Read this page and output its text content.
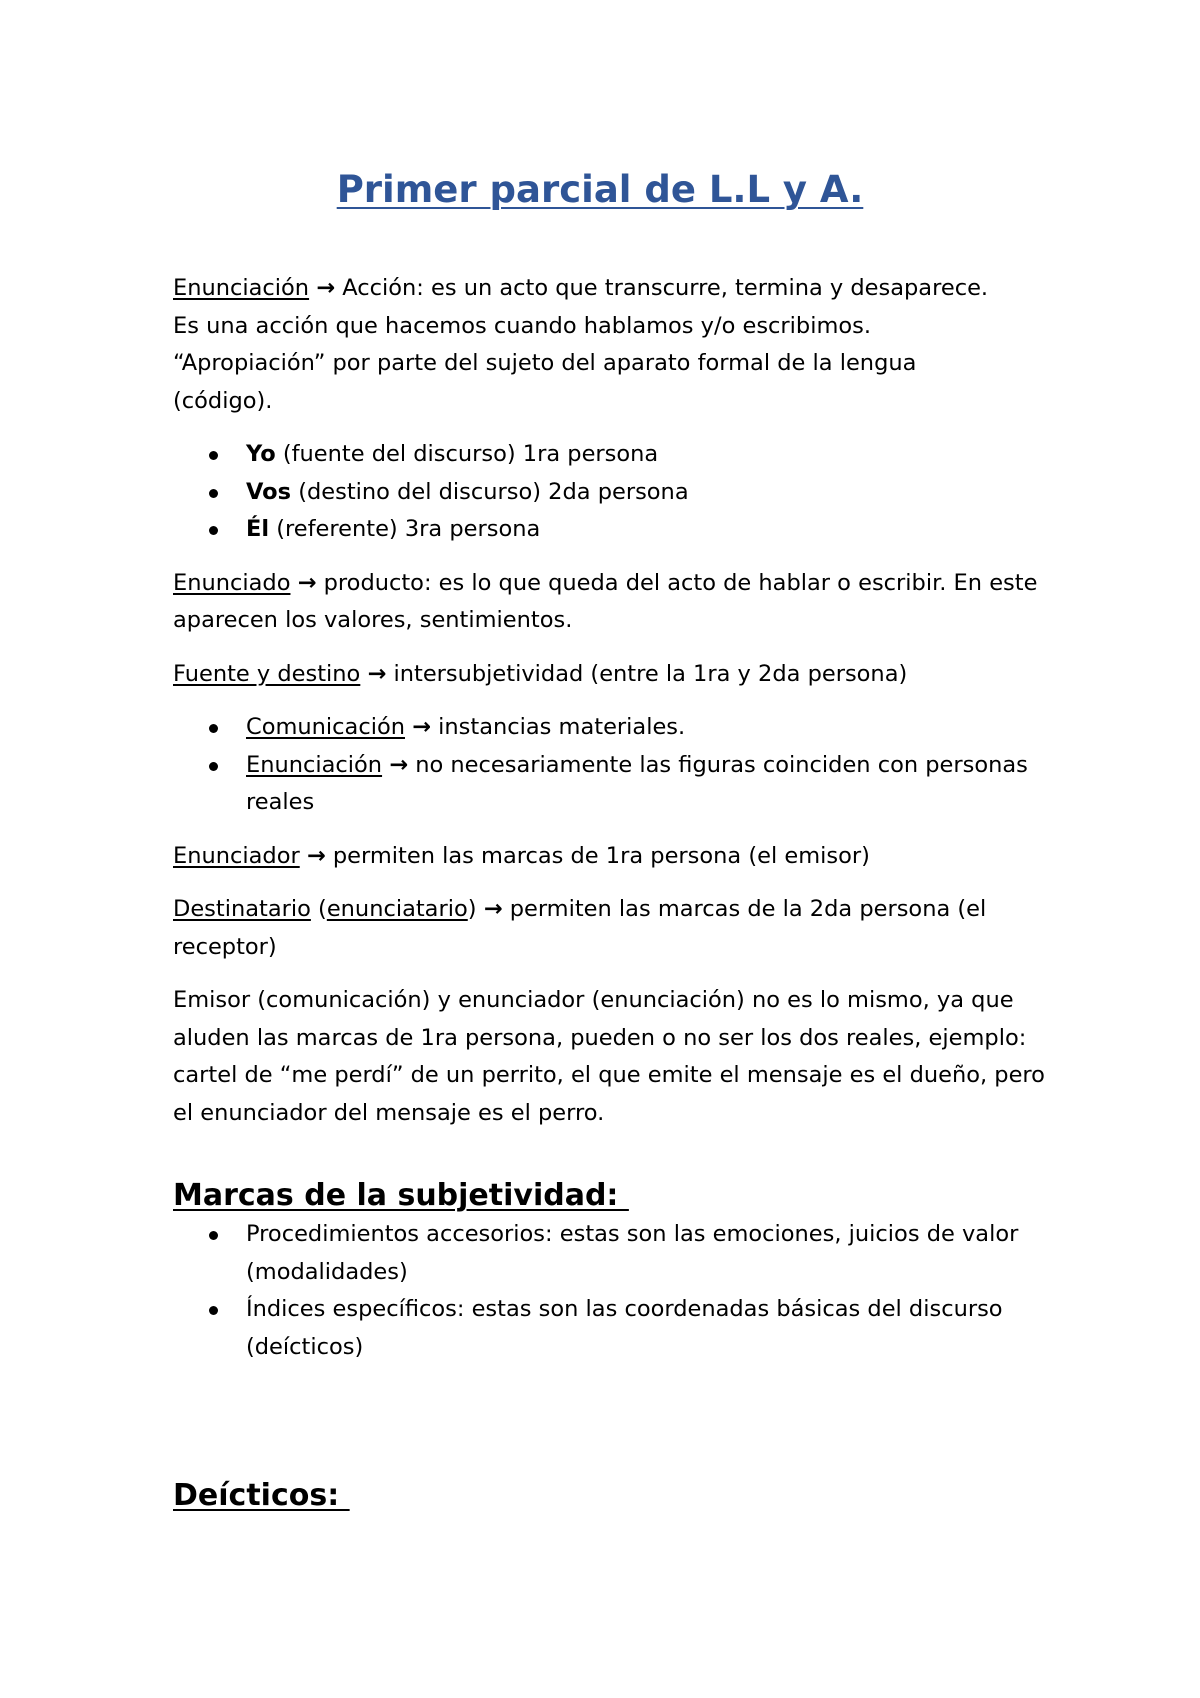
Primer parcial de L.L y A.

Enunciación → Acción: es un acto que transcurre, termina y desaparece.
Es una acción que hacemos cuando hablamos y/o escribimos.
“Apropiación” por parte del sujeto del aparato formal de la lengua
(código).

Yo (fuente del discurso) 1ra persona
Vos (destino del discurso) 2da persona
Él (referente) 3ra persona

Enunciado → producto: es lo que queda del acto de hablar o escribir. En este aparecen los valores, sentimientos.

Fuente y destino → intersubjetividad (entre la 1ra y 2da persona)

Comunicación → instancias materiales.
Enunciación → no necesariamente las figuras coinciden con personas reales

Enunciador → permiten las marcas de 1ra persona (el emisor)

Destinatario (enunciatario) → permiten las marcas de la 2da persona (el receptor)

Emisor (comunicación) y enunciador (enunciación) no es lo mismo, ya que aluden las marcas de 1ra persona, pueden o no ser los dos reales, ejemplo: cartel de “me perdí” de un perrito, el que emite el mensaje es el dueño, pero el enunciador del mensaje es el perro.

Marcas de la subjetividad:
Procedimientos accesorios: estas son las emociones, juicios de valor (modalidades)
Índices específicos: estas son las coordenadas básicas del discurso (deícticos)
Deícticos:
